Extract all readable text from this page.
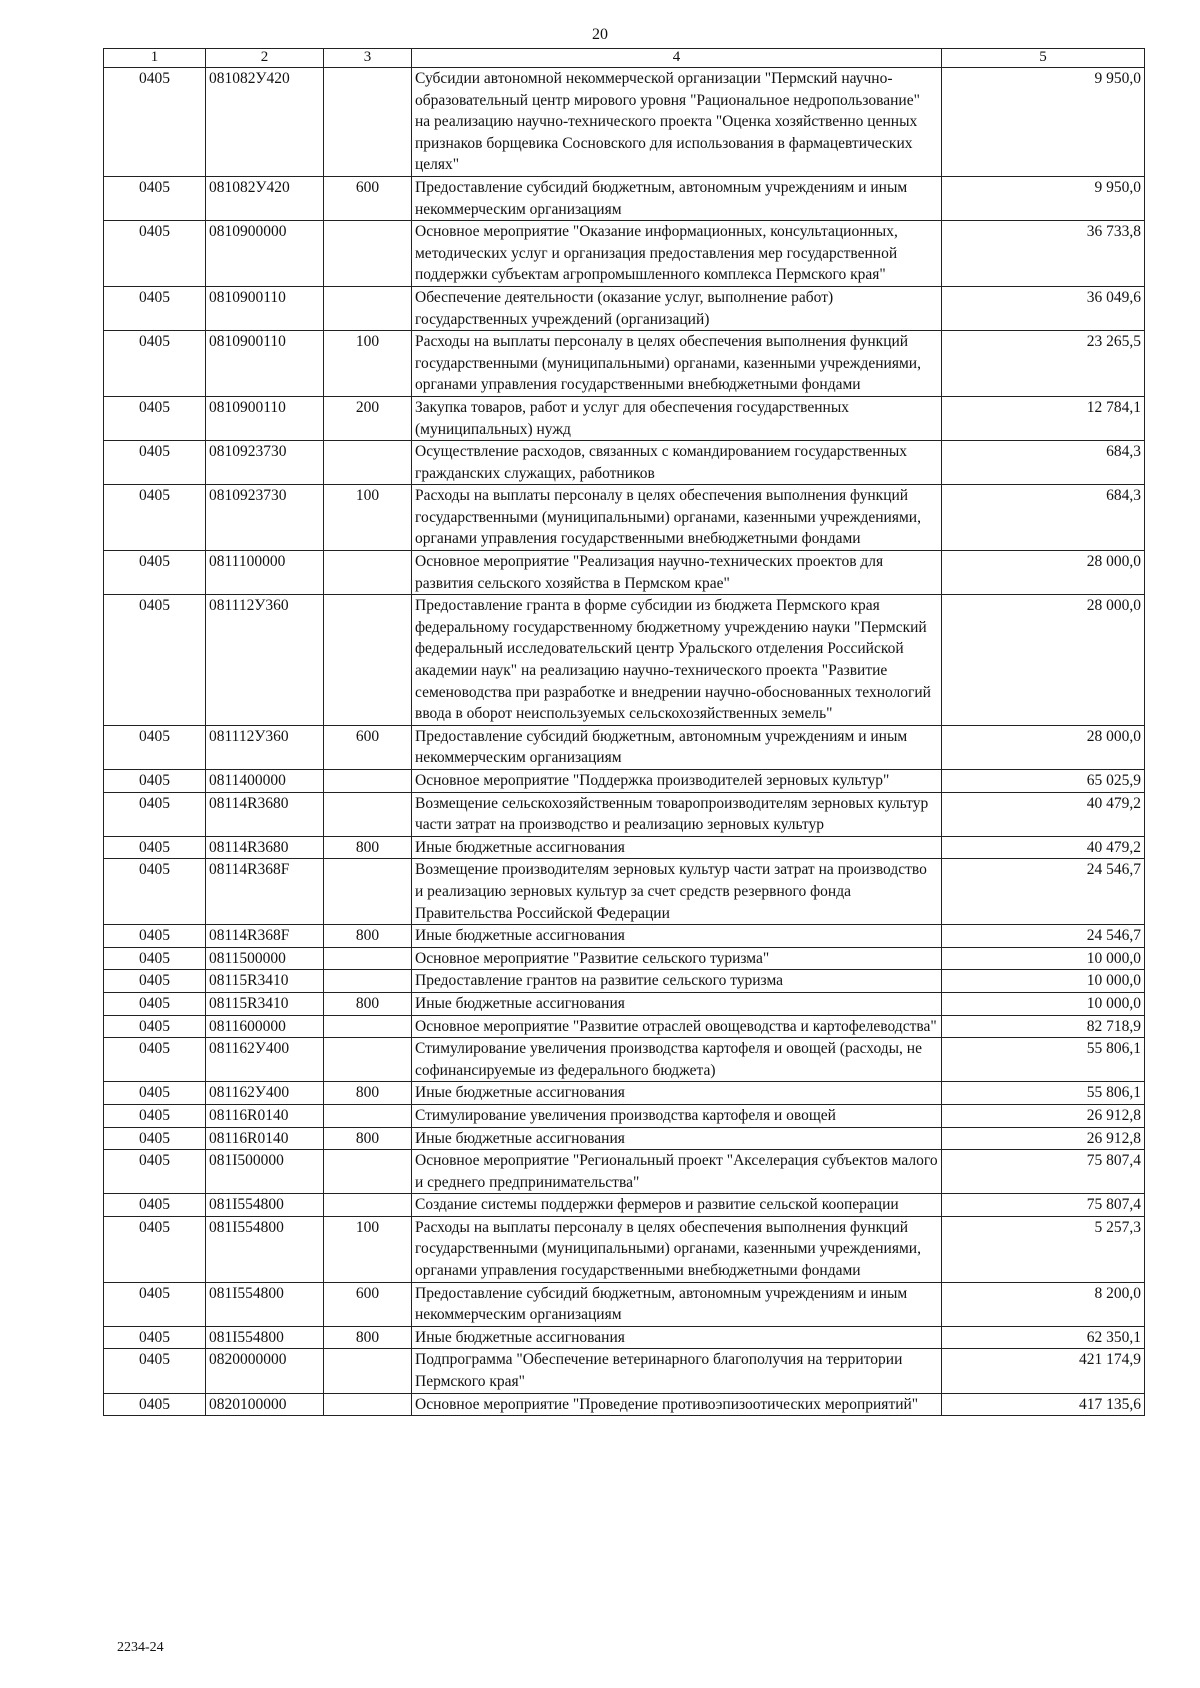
20
1	2	3	4	5
0405	081082У420		Субсидии автономной некоммерческой организации "Пермский научно-образовательный центр мирового уровня "Рациональное недропользование" на реализацию научно-технического проекта "Оценка хозяйственно ценных признаков борщевика Сосновского для использования в фармацевтических целях"	9 950,0
0405	081082У420	600	Предоставление субсидий бюджетным, автономным учреждениям и иным некоммерческим организациям	9 950,0
0405	0810900000		Основное мероприятие "Оказание информационных, консультационных, методических услуг и организация предоставления мер государственной поддержки субъектам агропромышленного комплекса Пермского края"	36 733,8
0405	0810900110		Обеспечение деятельности (оказание услуг, выполнение работ) государственных учреждений (организаций)	36 049,6
0405	0810900110	100	Расходы на выплаты персоналу в целях обеспечения выполнения функций государственными (муниципальными) органами, казенными учреждениями, органами управления государственными внебюджетными фондами	23 265,5
0405	0810900110	200	Закупка товаров, работ и услуг для обеспечения государственных (муниципальных) нужд	12 784,1
0405	0810923730		Осуществление расходов, связанных с командированием государственных гражданских служащих, работников	684,3
0405	0810923730	100	Расходы на выплаты персоналу в целях обеспечения выполнения функций государственными (муниципальными) органами, казенными учреждениями, органами управления государственными внебюджетными фондами	684,3
0405	0811100000		Основное мероприятие "Реализация научно-технических проектов для развития сельского хозяйства в Пермском крае"	28 000,0
0405	081112У360		Предоставление гранта в форме субсидии из бюджета Пермского края федеральному государственному бюджетному учреждению науки "Пермский федеральный исследовательский центр Уральского отделения Российской академии наук" на реализацию научно-технического проекта "Развитие семеноводства при разработке и внедрении научно-обоснованных технологий ввода в оборот неиспользуемых сельскохозяйственных земель"	28 000,0
0405	081112У360	600	Предоставление субсидий бюджетным, автономным учреждениям и иным некоммерческим организациям	28 000,0
0405	0811400000		Основное мероприятие "Поддержка производителей зерновых культур"	65 025,9
0405	08114R3680		Возмещение сельскохозяйственным товаропроизводителям зерновых культур части затрат на производство и реализацию зерновых культур	40 479,2
0405	08114R3680	800	Иные бюджетные ассигнования	40 479,2
0405	08114R368F		Возмещение производителям зерновых культур части затрат на производство и реализацию зерновых культур за счет средств резервного фонда Правительства Российской Федерации	24 546,7
0405	08114R368F	800	Иные бюджетные ассигнования	24 546,7
0405	0811500000		Основное мероприятие "Развитие сельского туризма"	10 000,0
0405	08115R3410		Предоставление грантов на развитие сельского туризма	10 000,0
0405	08115R3410	800	Иные бюджетные ассигнования	10 000,0
0405	0811600000		Основное мероприятие "Развитие отраслей овощеводства и картофелеводства"	82 718,9
0405	081162У400		Стимулирование увеличения производства картофеля и овощей (расходы, не софинансируемые из федерального бюджета)	55 806,1
0405	081162У400	800	Иные бюджетные ассигнования	55 806,1
0405	08116R0140		Стимулирование увеличения производства картофеля и овощей	26 912,8
0405	08116R0140	800	Иные бюджетные ассигнования	26 912,8
0405	081I500000		Основное мероприятие "Региональный проект "Акселерация субъектов малого и среднего предпринимательства"	75 807,4
0405	081I554800		Создание системы поддержки фермеров и развитие сельской кооперации	75 807,4
0405	081I554800	100	Расходы на выплаты персоналу в целях обеспечения выполнения функций государственными (муниципальными) органами, казенными учреждениями, органами управления государственными внебюджетными фондами	5 257,3
0405	081I554800	600	Предоставление субсидий бюджетным, автономным учреждениям и иным некоммерческим организациям	8 200,0
0405	081I554800	800	Иные бюджетные ассигнования	62 350,1
0405	0820000000		Подпрограмма "Обеспечение ветеринарного благополучия на территории Пермского края"	421 174,9
0405	0820100000		Основное мероприятие "Проведение противоэпизоотических мероприятий"	417 135,6
2234-24
